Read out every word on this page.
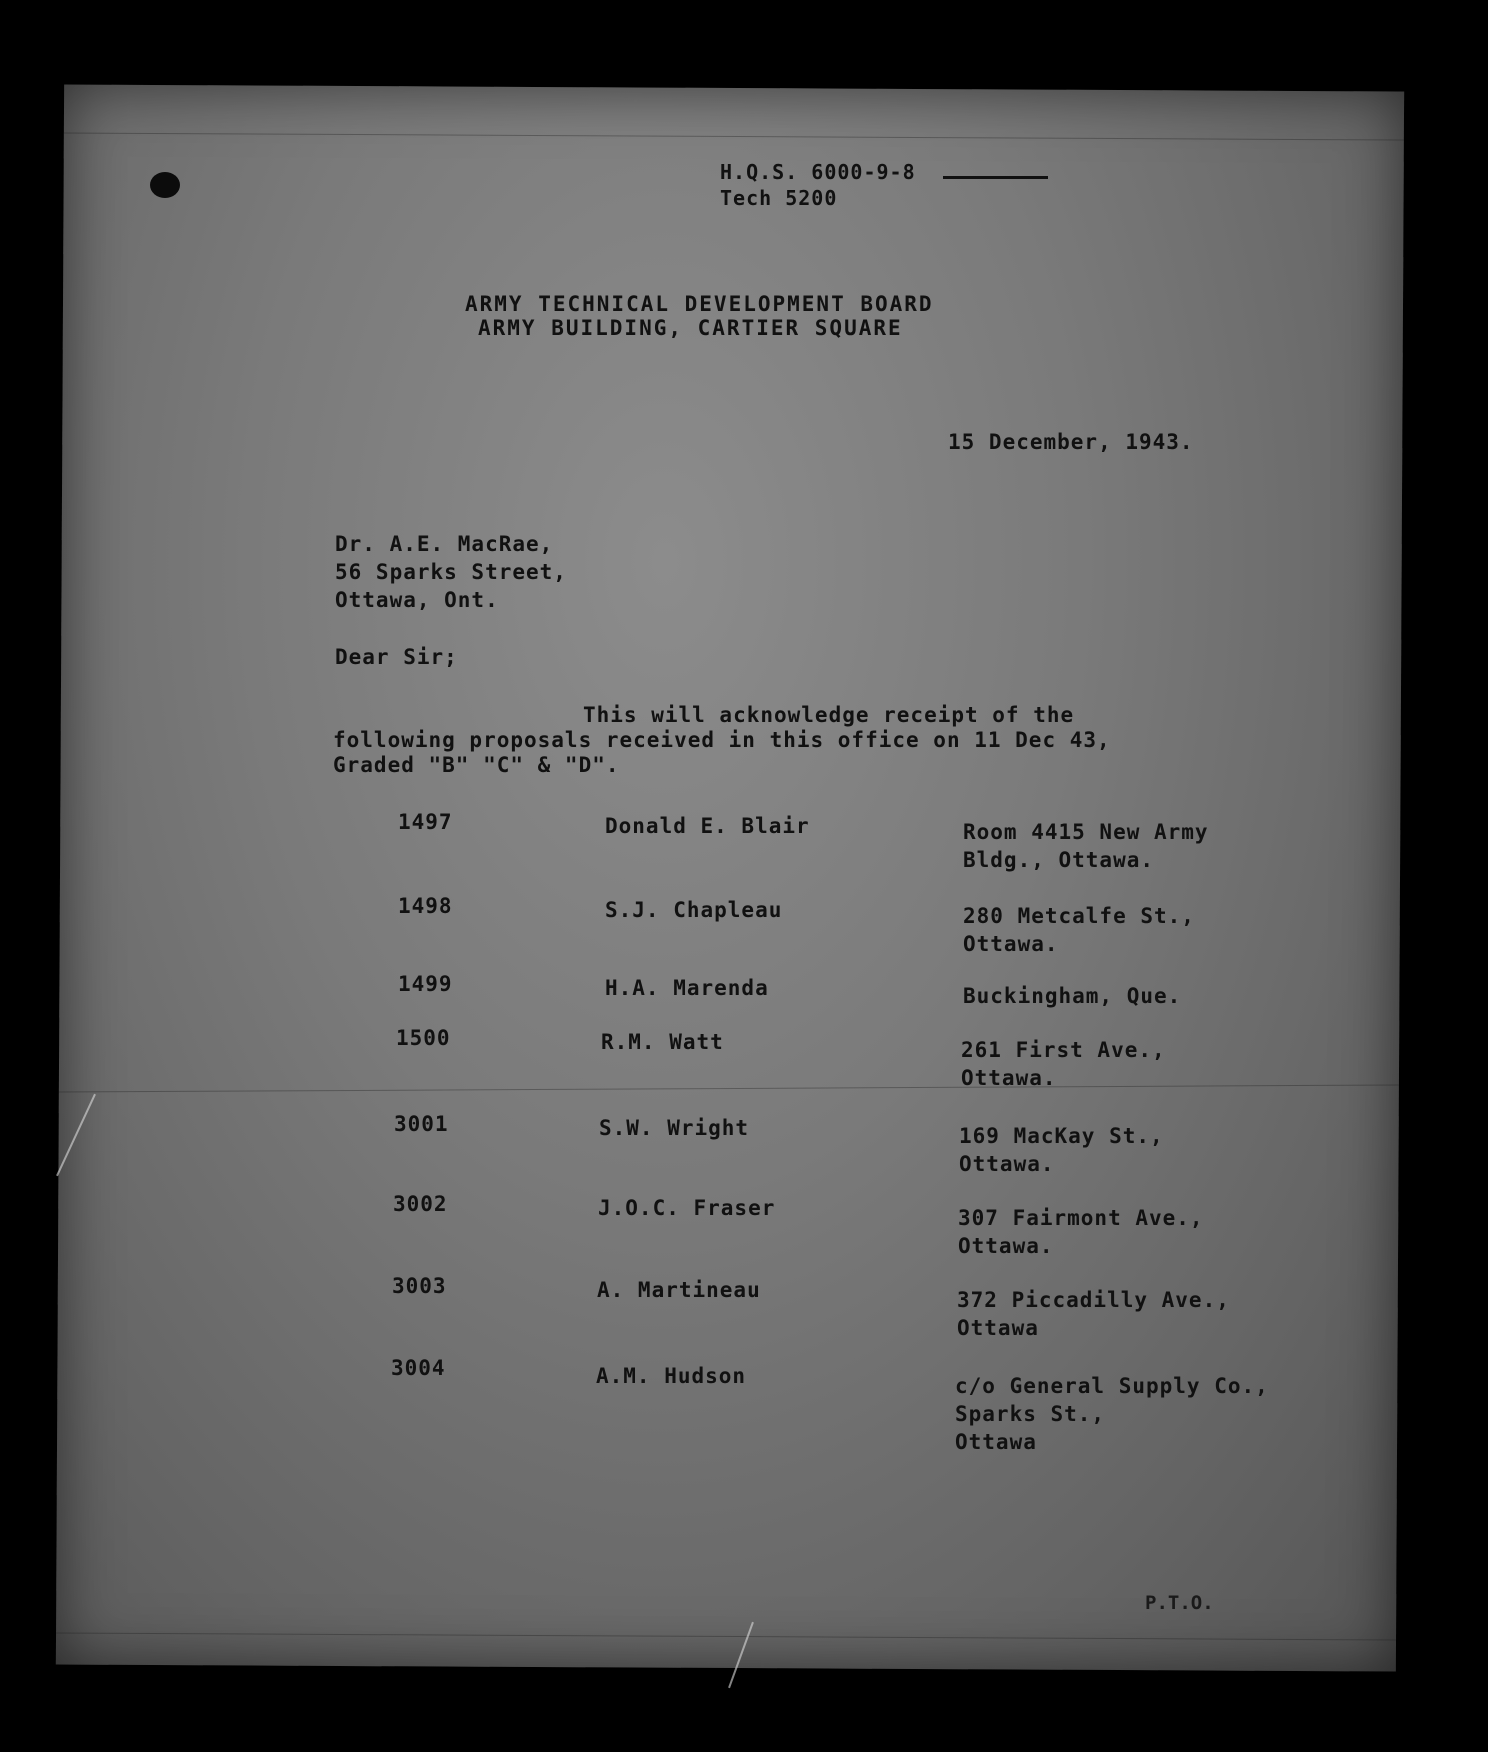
H.Q.S. 6000-9-8
Tech 5200
ARMY TECHNICAL DEVELOPMENT BOARD
ARMY BUILDING, CARTIER SQUARE
15 December, 1943.
Dr. A.E. MacRae,
56 Sparks Street,
Ottawa, Ont.
Dear Sir;
This will acknowledge receipt of the
following proposals received in this office on 11 Dec 43,
Graded "B" "C" & "D".
1497	Donald E. Blair	Room 4415 New Army
Bldg., Ottawa.
1498	S.J. Chapleau	280 Metcalfe St.,
Ottawa.
1499	H.A. Marenda	Buckingham, Que.
1500	R.M. Watt	261 First Ave.,
Ottawa.
3001	S.W. Wright	169 MacKay St.,
Ottawa.
3002	J.O.C. Fraser	307 Fairmont Ave.,
Ottawa.
3003	A. Martineau	372 Piccadilly Ave.,
Ottawa
3004	A.M. Hudson	c/o General Supply Co.,
Sparks St.,
Ottawa
P.T.O.
